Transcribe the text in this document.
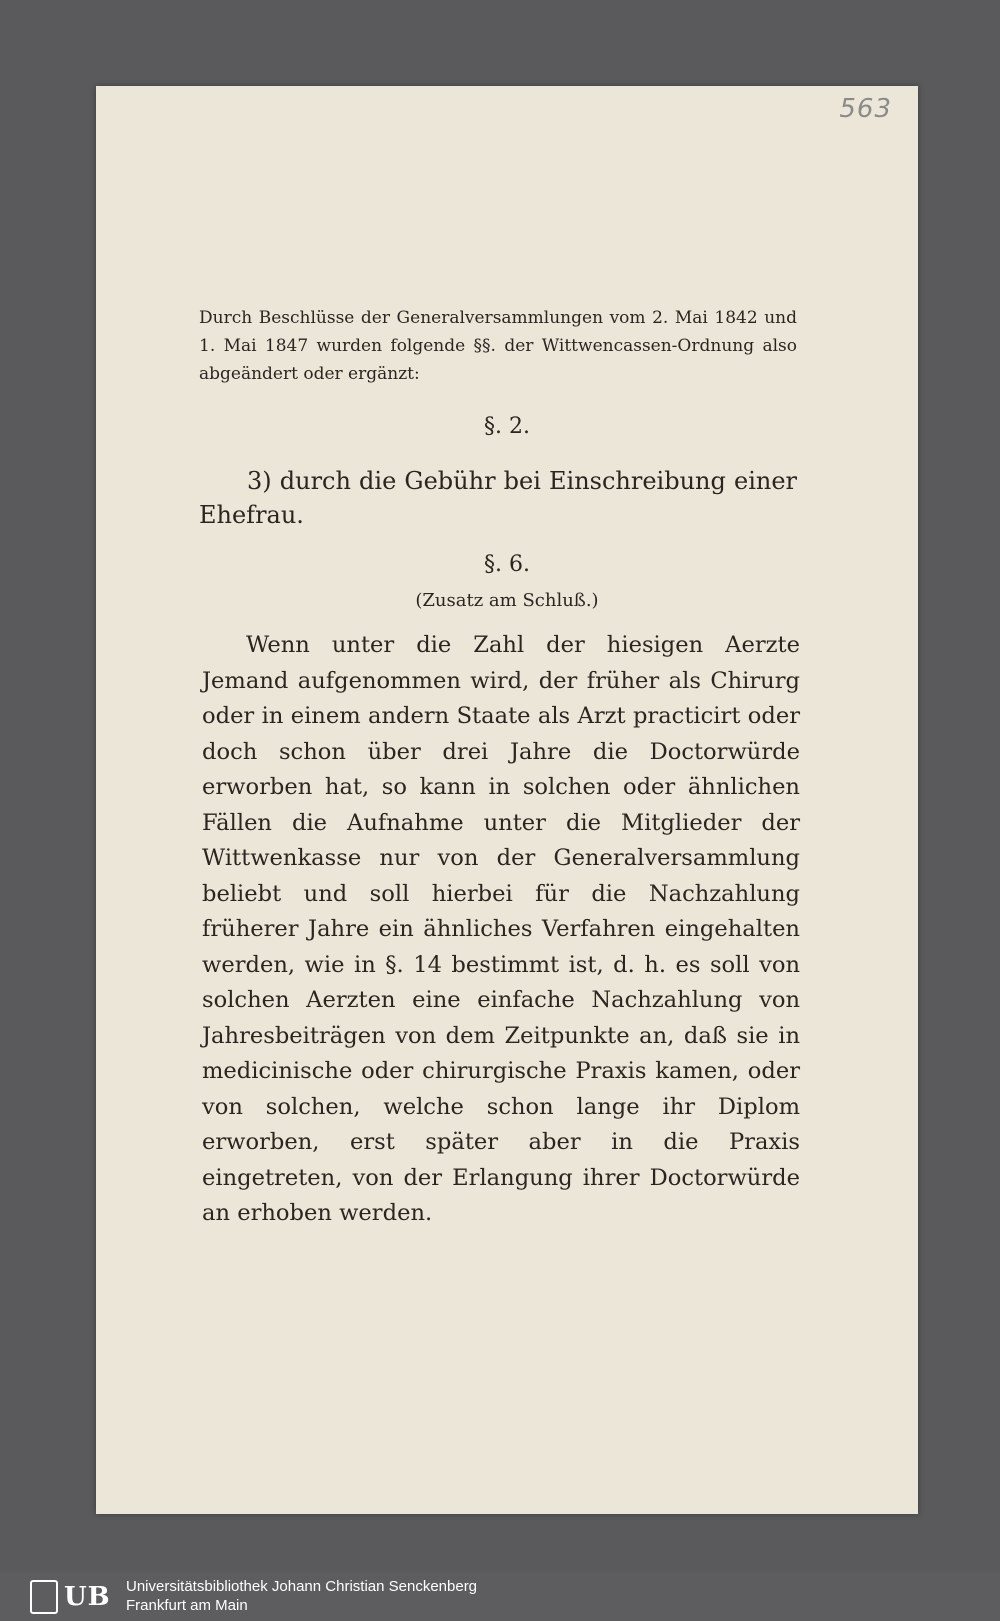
563
Durch Beschlüsse der Generalversammlungen vom 2. Mai 1842 und 1. Mai 1847 wurden folgende §§. der Wittwencassen-Ordnung also abgeändert oder ergänzt:
§. 2.
3) durch die Gebühr bei Einschreibung einer Ehefrau.
§. 6.
(Zusatz am Schluß.)
Wenn unter die Zahl der hiesigen Aerzte Jemand aufgenommen wird, der früher als Chirurg oder in einem andern Staate als Arzt practicirt oder doch schon über drei Jahre die Doctorwürde erworben hat, so kann in solchen oder ähnlichen Fällen die Aufnahme unter die Mitglieder der Wittwenkasse nur von der Generalversammlung beliebt und soll hierbei für die Nachzahlung früherer Jahre ein ähnliches Verfahren eingehalten werden, wie in §. 14 bestimmt ist, d. h. es soll von solchen Aerzten eine einfache Nachzahlung von Jahresbeiträgen von dem Zeitpunkte an, daß sie in medicinische oder chirurgische Praxis kamen, oder von solchen, welche schon lange ihr Diplom erworben, erst später aber in die Praxis eingetreten, von der Erlangung ihrer Doctorwürde an erhoben werden.
UB Universitätsbibliothek Johann Christian Senckenberg
Frankfurt am Main
